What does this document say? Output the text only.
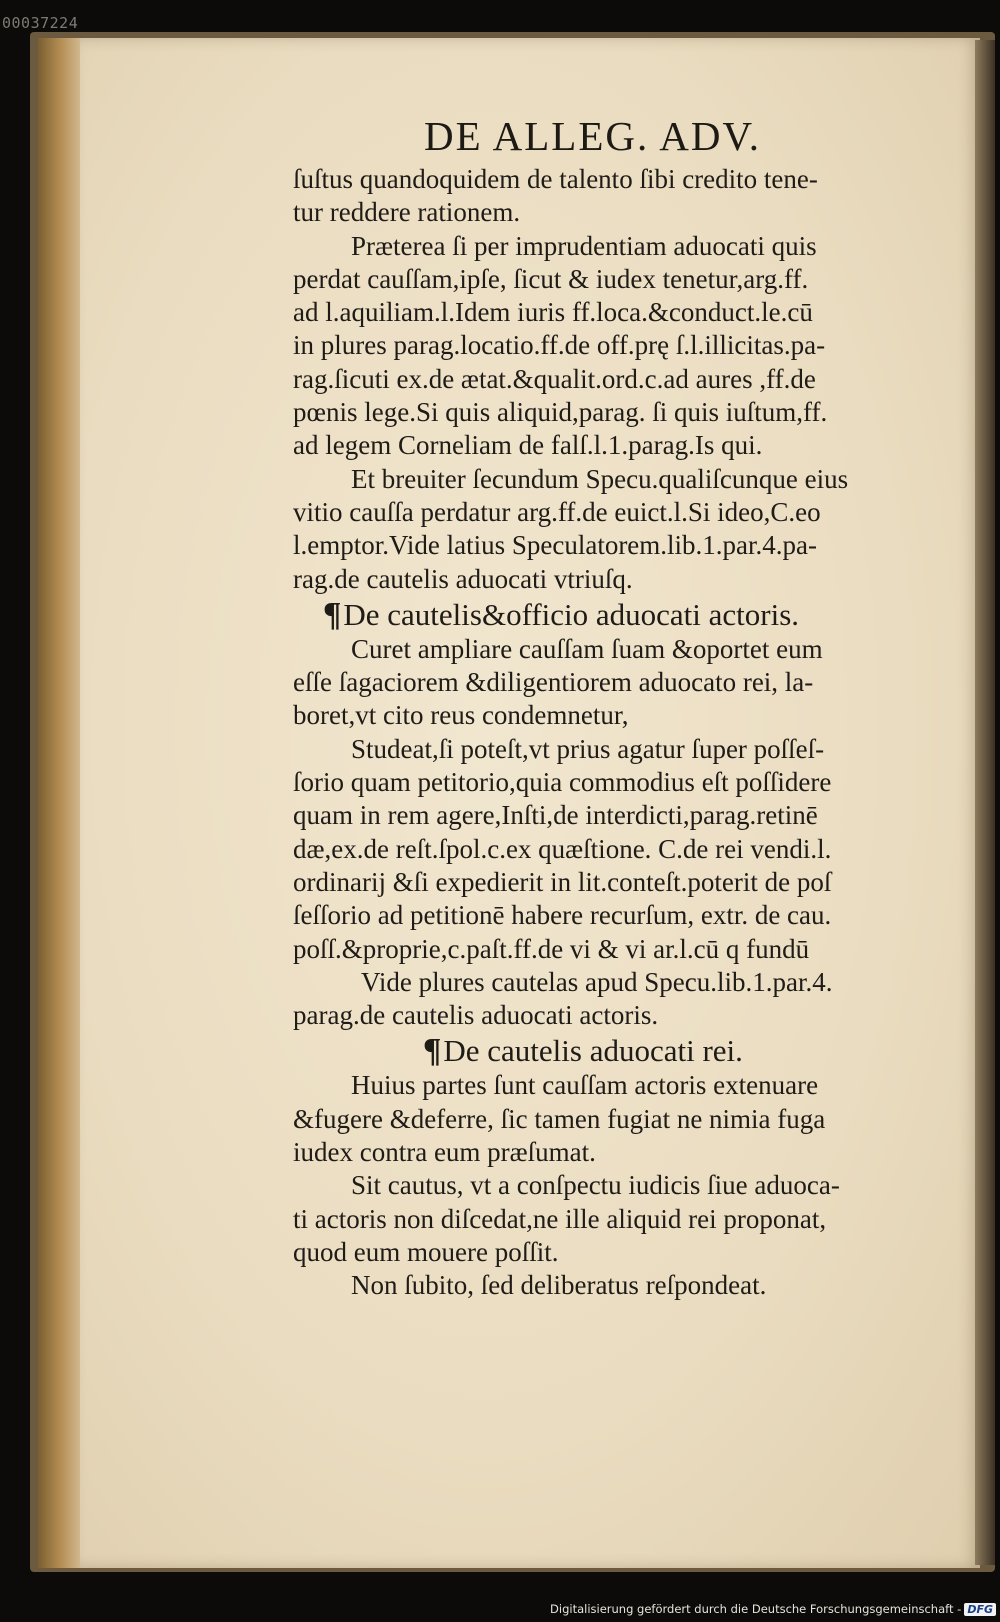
00037224
DE ALLEG. ADV.
ſuſtus quandoquidem de talento ſibi credito tene-
tur reddere rationem.
Præterea ſi per imprudentiam aduocati quis
perdat cauſſam,ipſe, ſicut & iudex tenetur,arg.ff.
ad l.aquiliam.l.Idem iuris ff.loca.&conduct.le.cū
in plures parag.locatio.ff.de off.prę ſ.l.illicitas.pa-
rag.ſicuti ex.de ætat.&qualit.ord.c.ad aures ,ff.de
pœnis lege.Si quis aliquid,parag. ſi quis iuſtum,ff.
ad legem Corneliam de falſ.l.1.parag.Is qui.
Et breuiter ſecundum Specu.qualiſcunque eius
vitio cauſſa perdatur arg.ff.de euict.l.Si ideo,C.eo
l.emptor.Vide latius Speculatorem.lib.1.par.4.pa-
rag.de cautelis aduocati vtriuſq.
¶De cautelis&officio aduocati actoris.
Curet ampliare cauſſam ſuam &oportet eum
eſſe ſagaciorem &diligentiorem aduocato rei, la-
boret,vt cito reus condemnetur,
Studeat,ſi poteſt,vt prius agatur ſuper poſſeſ-
ſorio quam petitorio,quia commodius eſt poſſidere
quam in rem agere,Inſti,de interdicti,parag.retinē
dæ,ex.de reſt.ſpol.c.ex quæſtione. C.de rei vendi.l.
ordinarij &ſi expedierit in lit.conteſt.poterit de poſ
ſeſſorio ad petitionē habere recurſum, extr. de cau.
poſſ.&proprie,c.paſt.ff.de vi & vi ar.l.cū q fundū
Vide plures cautelas apud Specu.lib.1.par.4.
parag.de cautelis aduocati actoris.
¶De cautelis aduocati rei.
Huius partes ſunt cauſſam actoris extenuare
&fugere &deferre, ſic tamen fugiat ne nimia fuga
iudex contra eum præſumat.
Sit cautus, vt a conſpectu iudicis ſiue aduoca-
ti actoris non diſcedat,ne ille aliquid rei proponat,
quod eum mouere poſſit.
Non ſubito, ſed deliberatus reſpondeat.
Digitalisierung gefördert durch die Deutsche Forschungsgemeinschaft - DFG
